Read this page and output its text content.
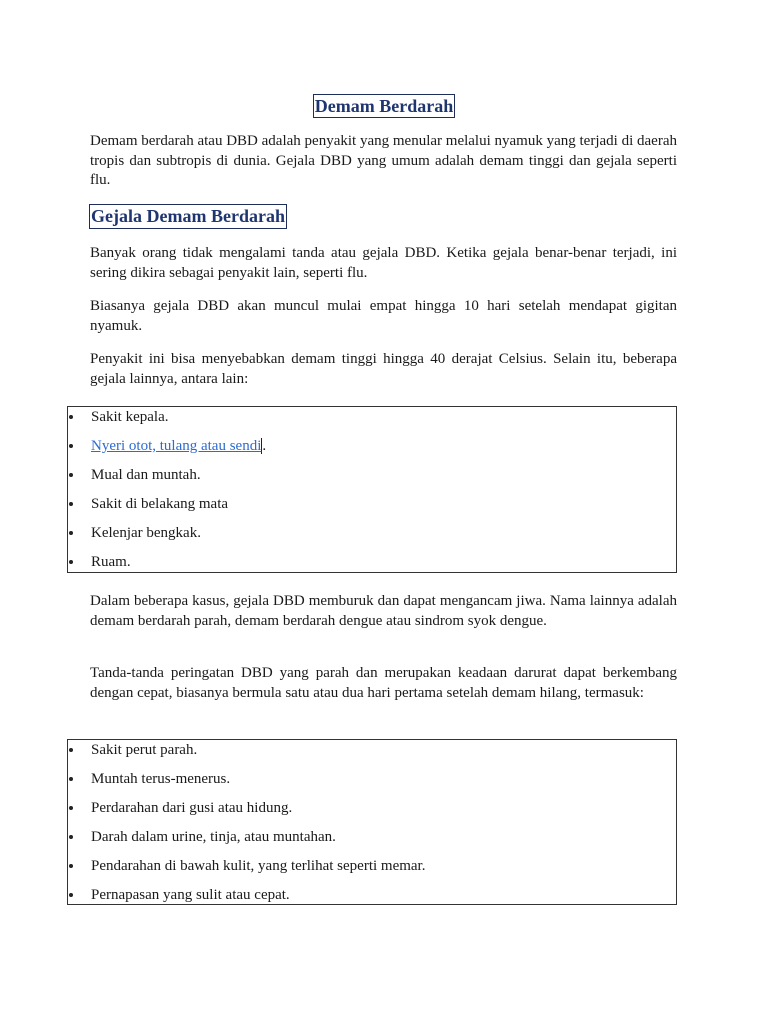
Demam Berdarah

Demam berdarah atau DBD adalah penyakit yang menular melalui nyamuk yang terjadi di daerah tropis dan subtropis di dunia. Gejala DBD yang umum adalah demam tinggi dan gejala seperti flu.

Gejala Demam Berdarah

Banyak orang tidak mengalami tanda atau gejala DBD. Ketika gejala benar-benar terjadi, ini sering dikira sebagai penyakit lain, seperti flu.

Biasanya gejala DBD akan muncul mulai empat hingga 10 hari setelah mendapat gigitan nyamuk.

Penyakit ini bisa menyebabkan demam tinggi hingga 40 derajat Celsius. Selain itu, beberapa gejala lainnya, antara lain:

Sakit kepala.
Nyeri otot, tulang atau sendi.
Mual dan muntah.
Sakit di belakang mata
Kelenjar bengkak.
Ruam.

Dalam beberapa kasus, gejala DBD memburuk dan dapat mengancam jiwa. Nama lainnya adalah demam berdarah parah, demam berdarah dengue atau sindrom syok dengue.

Tanda-tanda peringatan DBD yang parah dan merupakan keadaan darurat dapat berkembang dengan cepat, biasanya bermula satu atau dua hari pertama setelah demam hilang, termasuk:

Sakit perut parah.
Muntah terus-menerus.
Perdarahan dari gusi atau hidung.
Darah dalam urine, tinja, atau muntahan.
Pendarahan di bawah kulit, yang terlihat seperti memar.
Pernapasan yang sulit atau cepat.
